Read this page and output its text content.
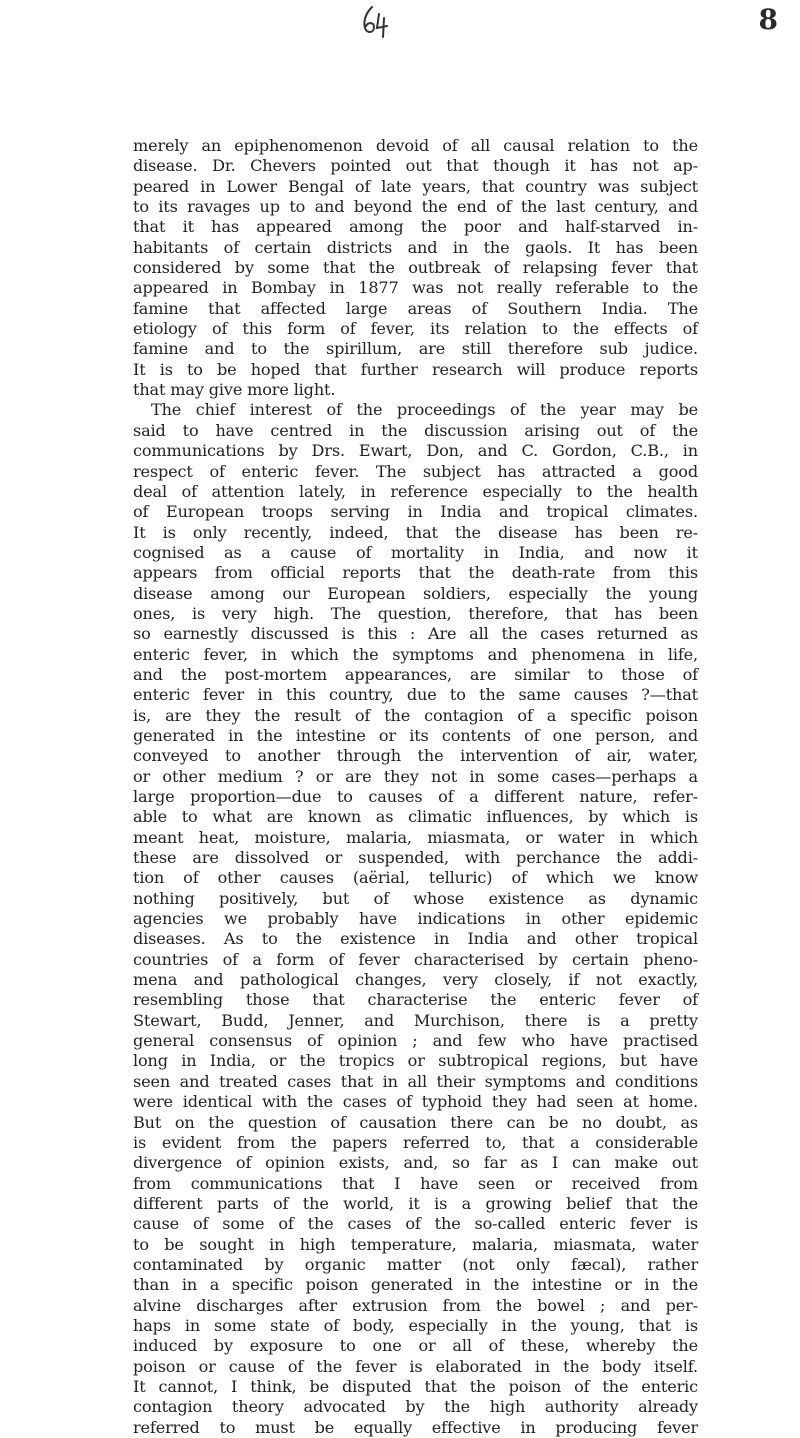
8
merely an epiphenomenon devoid of all causal relation to the
disease. Dr. Chevers pointed out that though it has not ap-
peared in Lower Bengal of late years, that country was subject
to its ravages up to and beyond the end of the last century, and
that it has appeared among the poor and half-starved in-
habitants of certain districts and in the gaols. It has been
considered by some that the outbreak of relapsing fever that
appeared in Bombay in 1877 was not really referable to the
famine that affected large areas of Southern India. The
etiology of this form of fever, its relation to the effects of
famine and to the spirillum, are still therefore sub judice.
It is to be hoped that further research will produce reports
that may give more light.
The chief interest of the proceedings of the year may be
said to have centred in the discussion arising out of the
communications by Drs. Ewart, Don, and C. Gordon, C.B., in
respect of enteric fever. The subject has attracted a good
deal of attention lately, in reference especially to the health
of European troops serving in India and tropical climates.
It is only recently, indeed, that the disease has been re-
cognised as a cause of mortality in India, and now it
appears from official reports that the death-rate from this
disease among our European soldiers, especially the young
ones, is very high. The question, therefore, that has been
so earnestly discussed is this : Are all the cases returned as
enteric fever, in which the symptoms and phenomena in life,
and the post-mortem appearances, are similar to those of
enteric fever in this country, due to the same causes ?—that
is, are they the result of the contagion of a specific poison
generated in the intestine or its contents of one person, and
conveyed to another through the intervention of air, water,
or other medium ? or are they not in some cases—perhaps a
large proportion—due to causes of a different nature, refer-
able to what are known as climatic influences, by which is
meant heat, moisture, malaria, miasmata, or water in which
these are dissolved or suspended, with perchance the addi-
tion of other causes (aërial, telluric) of which we know
nothing positively, but of whose existence as dynamic
agencies we probably have indications in other epidemic
diseases. As to the existence in India and other tropical
countries of a form of fever characterised by certain pheno-
mena and pathological changes, very closely, if not exactly,
resembling those that characterise the enteric fever of
Stewart, Budd, Jenner, and Murchison, there is a pretty
general consensus of opinion ; and few who have practised
long in India, or the tropics or subtropical regions, but have
seen and treated cases that in all their symptoms and conditions
were identical with the cases of typhoid they had seen at home.
But on the question of causation there can be no doubt, as
is evident from the papers referred to, that a considerable
divergence of opinion exists, and, so far as I can make out
from communications that I have seen or received from
different parts of the world, it is a growing belief that the
cause of some of the cases of the so-called enteric fever is
to be sought in high temperature, malaria, miasmata, water
contaminated by organic matter (not only fæcal), rather
than in a specific poison generated in the intestine or in the
alvine discharges after extrusion from the bowel ; and per-
haps in some state of body, especially in the young, that is
induced by exposure to one or all of these, whereby the
poison or cause of the fever is elaborated in the body itself.
It cannot, I think, be disputed that the poison of the enteric
contagion theory advocated by the high authority already
referred to must be equally effective in producing fever
